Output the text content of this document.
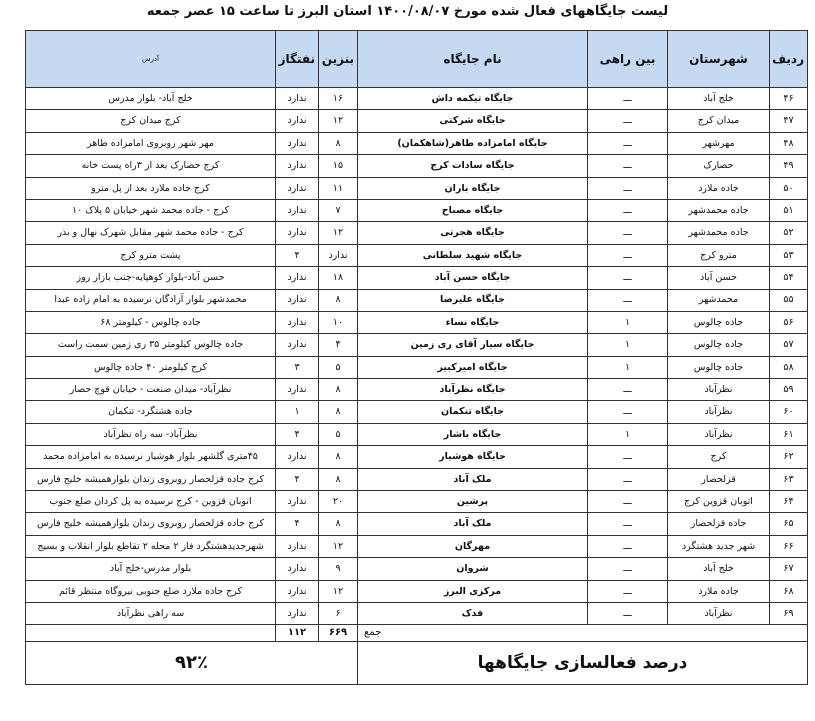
لیست جایگاههای فعال شده مورخ ۱۴۰۰/۰۸/۰۷ استان البرز تا ساعت ۱۵ عصر جمعه
ردیف	شهرستان	بین راهی	نام جایگاه	بنزین	نفتگاز	آدرس
۴۶	خلج آباد	ـــ	جایگاه تیکمه داش	۱۶	ندارد	خلج آباد- بلوار مدرس
۴۷	میدان کرج	ـــ	جایگاه شرکتی	۱۲	ندارد	کرج میدان کرج
۴۸	مهرشهر	ـــ	جایگاه امامزاده طاهر(شاهکمان)	۸	ندارد	مهر شهر روبروی امامزاده طاهر
۴۹	حصارک	ـــ	جایگاه سادات کرج	۱۵	ندارد	کرج حصارک بعد از ۳راه پست خانه
۵۰	جاده ملارد	ـــ	جایگاه باران	۱۱	ندارد	کرج جاده ملارد بعد از پل مترو
۵۱	جاده محمدشهر	ـــ	جایگاه مصباح	۷	ندارد	کرج - جاده محمد شهر خیابان ۵ پلاک ۱۰
۵۲	جاده محمدشهر	ـــ	جایگاه هجرتی	۱۲	ندارد	کرج - جاده محمد شهر مقابل شهرک نهال و بذر
۵۳	مترو کرج	ـــ	جایگاه شهید سلطانی	ندارد	۴	پشت مترو کرج
۵۴	حسن آباد	ـــ	جایگاه حسن آباد	۱۸	ندارد	حسن آباد-بلوار کوهپایه-جنب بازار روز
۵۵	محمدشهر	ـــ	جایگاه علیرضا	۸	ندارد	محمدشهر بلوار آزادگان نرسیده به امام زاده عبدا
۵۶	جاده چالوس	۱	جایگاه نساء	۱۰	ندارد	جاده چالوس - کیلومتر ۶۸
۵۷	جاده چالوس	۱	جایگاه سیار آقای ری زمین	۴	ندارد	جاده چالوس کیلومتر ۳۵ ری زمین سمت راست
۵۸	جاده چالوس	۱	جایگاه امیرکبیر	۵	۳	کرج کیلومتر ۴۰ جاده چالوس
۵۹	نظرآباد	ـــ	جایگاه نظرآباد	۸	ندارد	نظرآباد- میدان صنعت - خیابان قوچ حصار
۶۰	نظرآباد	ـــ	جایگاه تنکمان	۸	۱	جاده هشتگرد- تنکمان
۶۱	نظرآباد	۱	جایگاه باشار	۵	۴	نظرآباد- سه راه نظرآباد
۶۲	کرج	ـــ	جایگاه هوشیار	۸	ندارد	۴۵متری گلشهر بلوار هوشیار نرسیده به امامزاده محمد
۶۳	قزلحصار	ـــ	ملک آباد	۸	۴	کرج جاده قزلحصار روبروی زندان بلوارهمیشه خلیج فارس
۶۴	اتوبان قزوین کرج	ـــ	پرشین	۲۰	ندارد	اتوبان قزوین - کرج نرسیده به پل کردان ضلع جنوب
۶۵	جاده قزلحصار	ـــ	ملک آباد	۸	۴	کرج جاده قزلحصار روبروی زندان بلوارهمیشه خلیج فارس
۶۶	شهر جدید هشتگرد	ـــ	مهرگان	۱۲	ندارد	شهرجدیدهشتگرد فاز ۲ محله ۲ تقاطع بلوار انقلاب و بسیج
۶۷	خلج آباد	ـــ	شروان	۹	ندارد	بلوار مدرس-خلج آباد
۶۸	جاده ملارد	ـــ	مرکزی البرز	۱۲	ندارد	کرج جاده ملارد ضلع جنوبی نیروگاه منتظر قائم
۶۹	نظرآباد	ـــ	فدک	۶	ندارد	سه راهی نظرآباد
جمع				۶۶۹	۱۱۲	
درصد فعالسازی جایگاهها				۹۲٪		
